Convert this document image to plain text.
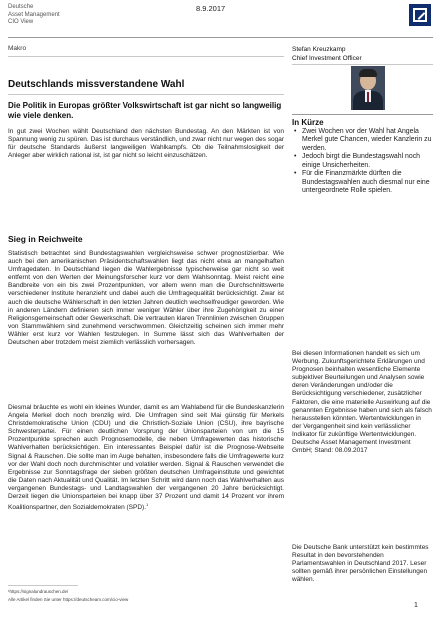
Deutsche
Asset Management
CIO View
8.9.2017
Makro
Deutschlands missverstandene Wahl
Die Politik in Europas größter Volkswirtschaft ist gar nicht so langweilig wie viele denken.
In gut zwei Wochen wählt Deutschland den nächsten Bundestag. An den Märkten ist von Spannung wenig zu spüren. Das ist durchaus verständlich, und zwar nicht nur wegen des sogar für deutsche Standards äußerst langweiligen Wahlkampfs. Ob die Teilnahmslosigkeit der Anleger aber wirklich rational ist, ist gar nicht so leicht einzuschätzen.
Sieg in Reichweite
Statistisch betrachtet sind Bundestagswahlen vergleichsweise schwer prognostizierbar. Wie auch bei den amerikanischen Präsidentschaftswahlen liegt das nicht etwa an mangelhaften Umfragedaten. In Deutschland liegen die Wahlergebnisse typischerweise gar nicht so weit entfernt von den Werten der Meinungsforscher kurz vor dem Wahlsonntag. Meist reicht eine Bandbreite von ein bis zwei Prozentpunkten, vor allem wenn man die Durchschnittswerte verschiedener Institute heranzieht und dabei auch die Umfragequalität berücksichtigt. Zwar ist auch die deutsche Wählerschaft in den letzten Jahren deutlich wechselfreudiger geworden. Wie in anderen Ländern definieren sich immer weniger Wähler über ihre Zugehörigkeit zu einer Religionsgemeinschaft oder Gewerkschaft. Die vertrauten klaren Trennlinien zwischen Gruppen von Stammwählern sind zunehmend verschwommen. Gleichzeitig scheinen sich immer mehr Wähler erst kurz vor Wahlen festzulegen. In Summe lässt sich das Wahlverhalten der Deutschen aber trotzdem meist ziemlich verlässlich vorhersagen.
Diesmal bräuchte es wohl ein kleines Wunder, damit es am Wahlabend für die Bundeskanzlerin Angela Merkel doch noch brenzlig wird. Die Umfragen sind seit Mai günstig für Merkels Christdemokratische Union (CDU) und die Christlich-Soziale Union (CSU), ihre bayrische Schwesterpartei. Für einen deutlichen Vorsprung der Unionsparteien von um die 15 Prozentpunkte sprechen auch Prognosemodelle, die neben Umfragewerten das historische Wahlverhalten berücksichtigen. Ein interessantes Beispiel dafür ist die Prognose-Webseite Signal & Rauschen. Die sollte man im Auge behalten, insbesondere falls die Umfragewerte kurz vor der Wahl doch noch durchmischter und volatiler werden. Signal & Rauschen verwendet die Ergebnisse zur Sonntagsfrage der sieben größten deutschen Umfrageinstitute und gewichtet die Daten nach Aktualität und Qualität. Im letzten Schritt wird dann noch das Wahlverhalten aus vergangenen Bundestags- und Landtagswahlen der vergangenen 20 Jahre berücksichtigt. Derzeit liegen die Unionsparteien bei knapp über 37 Prozent und damit 14 Prozent vor ihrem Koalitionspartner, den Sozialdemokraten (SPD).$^1$
¹https://signalundrauschen.de/
Alle Artikel finden Sie unter https://deutscheam.com/cio-view
Stefan Kreuzkamp
Chief Investment Officer
In Kürze
• Zwei Wochen vor der Wahl hat Angela Merkel gute Chancen, wieder Kanzlerin zu werden.
• Jedoch birgt die Bundestagswahl noch einige Unsicherheiten.
• Für die Finanzmärkte dürften die Bundestagswahlen auch diesmal nur eine untergeordnete Rolle spielen.
Bei diesen Informationen handelt es sich um Werbung. Zukunftsgerichtete Erklärungen und Prognosen beinhalten wesentliche Elemente subjektiver Beurteilungen und Analysen sowie deren Veränderungen und/oder die Berücksichtigung verschiedener, zusätzlicher Faktoren, die eine materielle Auswirkung auf die genannten Ergebnisse haben und sich als falsch herausstellen könnten. Wertentwicklungen in der Vergangenheit sind kein verlässlicher Indikator für zukünftige Wertentwicklungen. Deutsche Asset Management Investment GmbH; Stand: 08.09.2017
Die Deutsche Bank unterstützt kein bestimmtes Resultat in den bevorstehenden Parlamentswahlen in Deutschland 2017. Leser sollten gemäß ihrer persönlichen Einstellungen wählen.
1
